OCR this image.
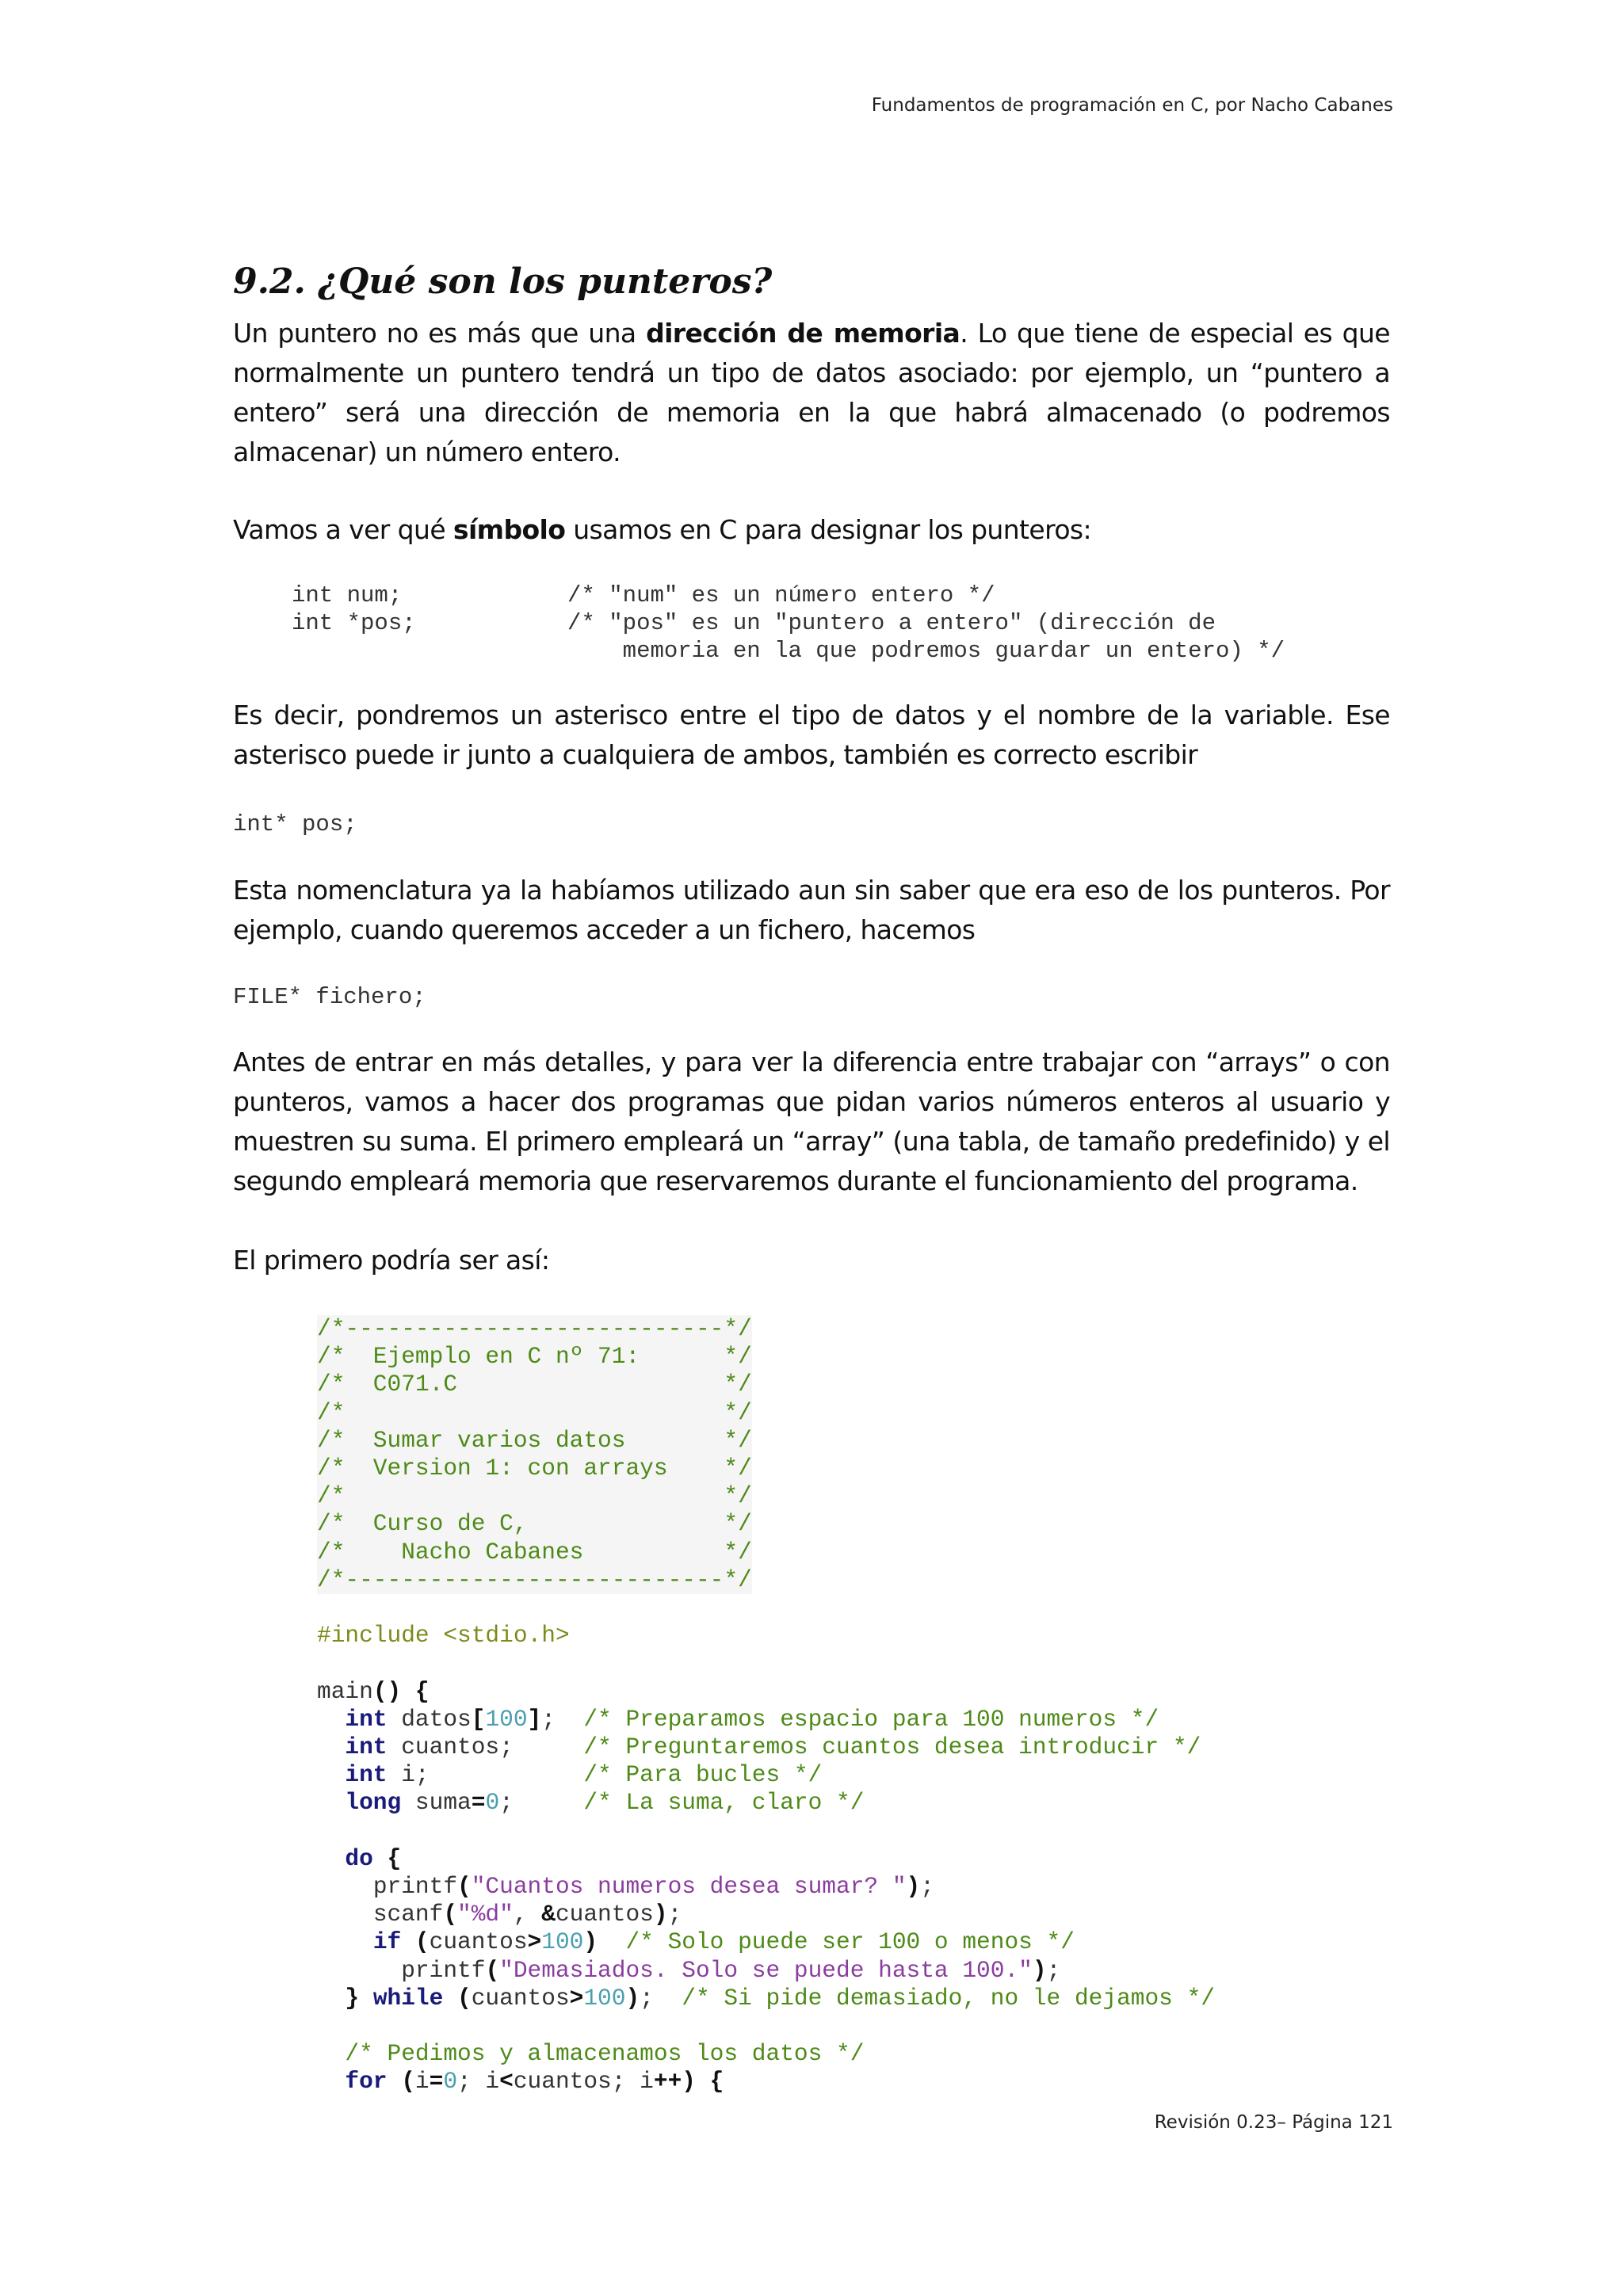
Fundamentos de programación en C, por Nacho Cabanes
9.2. ¿Qué son los punteros?

Un puntero no es más que una dirección de memoria. Lo que tiene de especial es que normalmente un puntero tendrá un tipo de datos asociado: por ejemplo, un “puntero a entero” será una dirección de memoria en la que habrá almacenado (o podremos almacenar) un número entero.

Vamos a ver qué símbolo usamos en C para designar los punteros:

int num;            /* "num" es un número entero */
int *pos;           /* "pos" es un "puntero a entero" (dirección de
memoria en la que podremos guardar un entero) */

Es decir, pondremos un asterisco entre el tipo de datos y el nombre de la variable. Ese asterisco puede ir junto a cualquiera de ambos, también es correcto escribir

int* pos;

Esta nomenclatura ya la habíamos utilizado aun sin saber que era eso de los punteros. Por ejemplo, cuando queremos acceder a un fichero, hacemos

FILE* fichero;

Antes de entrar en más detalles, y para ver la diferencia entre trabajar con “arrays” o con punteros, vamos a hacer dos programas que pidan varios números enteros al usuario y muestren su suma. El primero empleará un “array” (una tabla, de tamaño predefinido) y el segundo empleará memoria que reservaremos durante el funcionamiento del programa.

El primero podría ser así:

/*---------------------------*/
/*  Ejemplo en C nº 71:      */
/*  C071.C                   */
/*                           */
/*  Sumar varios datos       */
/*  Version 1: con arrays    */
/*                           */
/*  Curso de C,              */
/*    Nacho Cabanes          */
/*---------------------------*/

#include <stdio.h>

main() {
int datos[100]; /* Preparamos espacio para 100 numeros */
int cuantos;	/* Preguntaremos cuantos desea introducir */
int i;	/* Para bucles */
long suma=0;	/* La suma, claro */

do {
printf("Cuantos numeros desea sumar? ");
scanf("%d", &cuantos);
if (cuantos>100) /* Solo puede ser 100 o menos */
printf("Demasiados. Solo se puede hasta 100.");
} while (cuantos>100); /* Si pide demasiado, no le dejamos */

/* Pedimos y almacenamos los datos */
for (i=0; i<cuantos; i++) {
Revisión 0.23– Página 121
